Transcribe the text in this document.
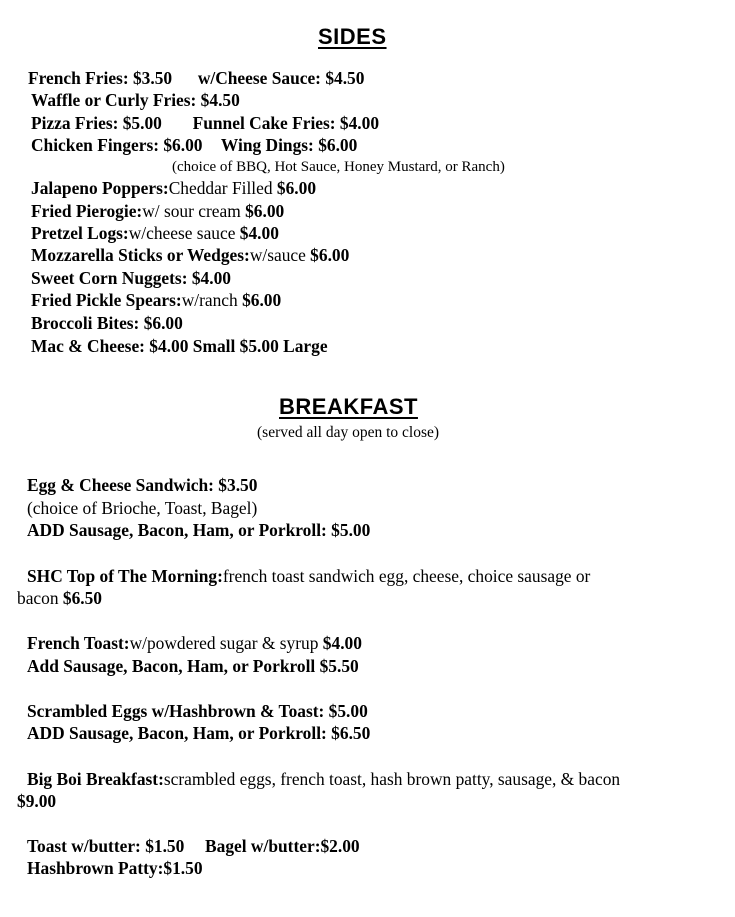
SIDES
French Fries: $3.50 w/Cheese Sauce: $4.50
Waffle or Curly Fries: $4.50
Pizza Fries: $5.00 Funnel Cake Fries: $4.00
Chicken Fingers: $6.00 Wing Dings: $6.00
(choice of BBQ, Hot Sauce, Honey Mustard, or Ranch)
Jalapeno Poppers:Cheddar Filled $6.00
Fried Pierogie:w/ sour cream $6.00
Pretzel Logs:w/cheese sauce $4.00
Mozzarella Sticks or Wedges:w/sauce $6.00
Sweet Corn Nuggets: $4.00
Fried Pickle Spears:w/ranch $6.00
Broccoli Bites: $6.00
Mac & Cheese: $4.00 Small $5.00 Large
BREAKFAST
(served all day open to close)
Egg & Cheese Sandwich: $3.50
(choice of Brioche, Toast, Bagel)
ADD Sausage, Bacon, Ham, or Porkroll: $5.00
SHC Top of The Morning:french toast sandwich egg, cheese, choice sausage or
bacon $6.50
French Toast:w/powdered sugar & syrup $4.00
Add Sausage, Bacon, Ham, or Porkroll $5.50
Scrambled Eggs w/Hashbrown & Toast: $5.00
ADD Sausage, Bacon, Ham, or Porkroll: $6.50
Big Boi Breakfast:scrambled eggs, french toast, hash brown patty, sausage, & bacon
$9.00
Toast w/butter: $1.50 Bagel w/butter:$2.00
Hashbrown Patty:$1.50
